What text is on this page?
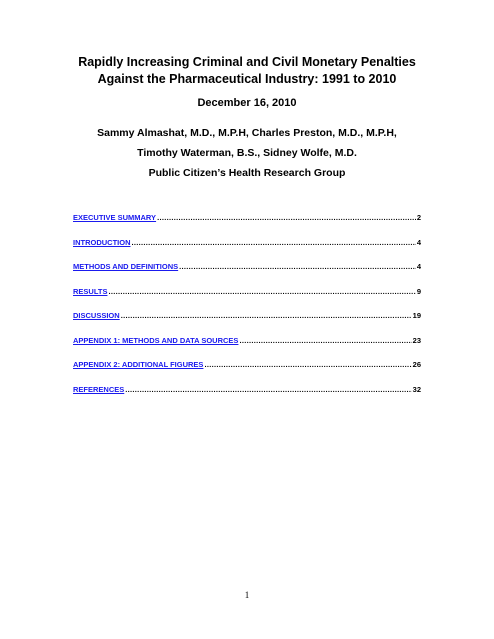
Rapidly Increasing Criminal and Civil Monetary Penalties
Against the Pharmaceutical Industry: 1991 to 2010
December 16, 2010
Sammy Almashat, M.D., M.P.H, Charles Preston, M.D., M.P.H,
Timothy Waterman, B.S., Sidney Wolfe, M.D.
Public Citizen’s Health Research Group
EXECUTIVE SUMMARY .....	2
INTRODUCTION .....	4
METHODS AND DEFINITIONS .....	4
RESULTS .....	9
DISCUSSION .....	19
APPENDIX 1: METHODS AND DATA SOURCES .....	23
APPENDIX 2: ADDITIONAL FIGURES .....	26
REFERENCES .....	32
1
